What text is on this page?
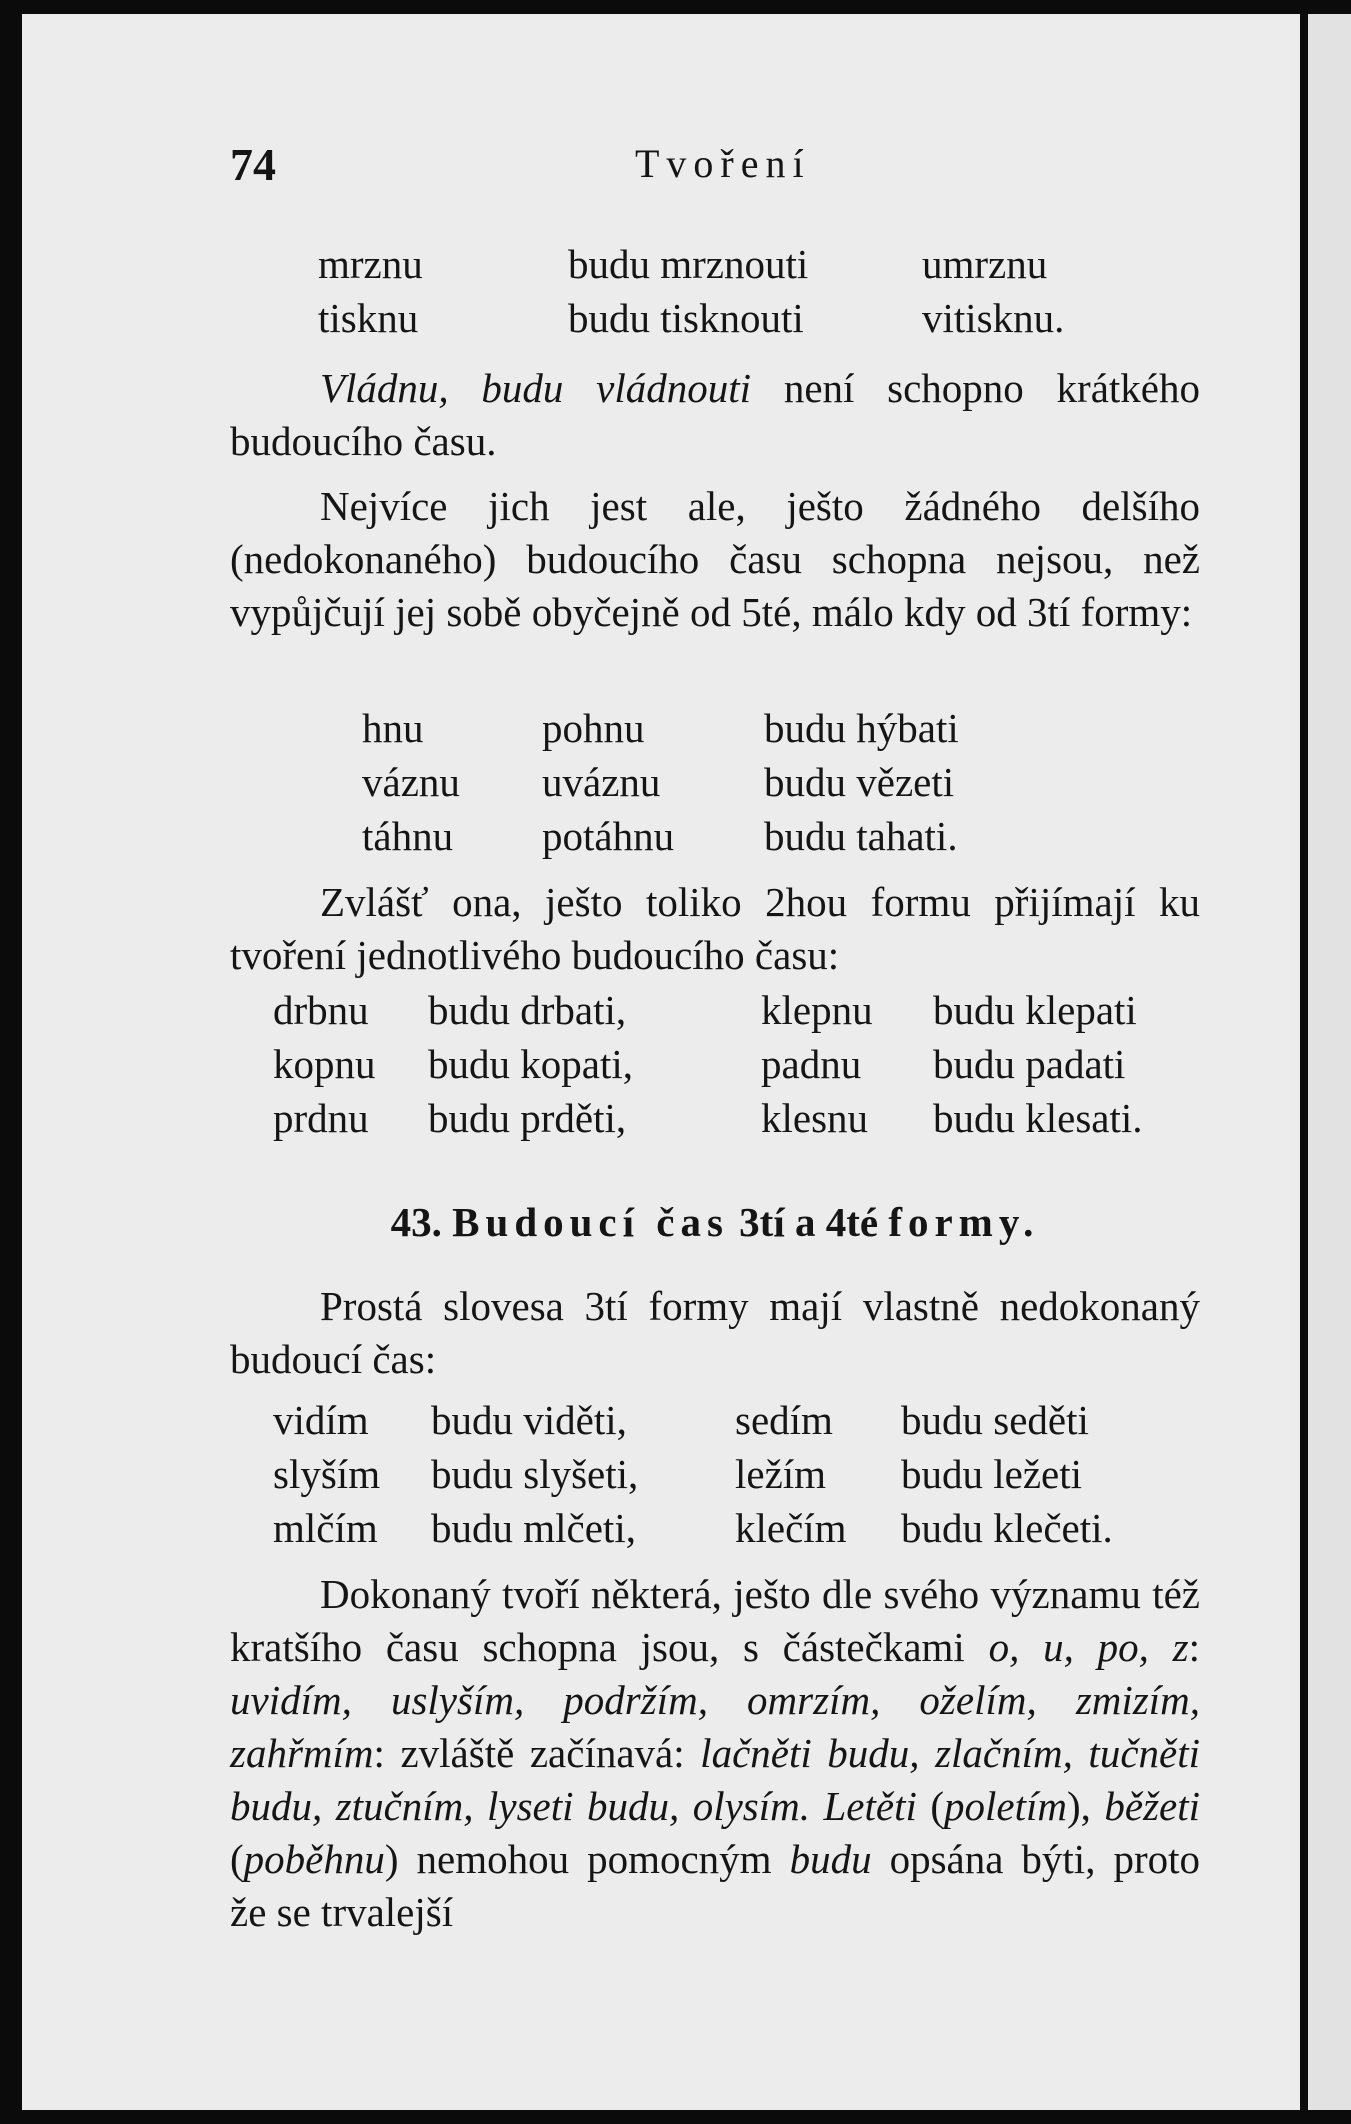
74	Tvoření
mrznu	budu mrznouti	umrznu
tisknu	budu tisknouti	vitisknu.
Vládnu, budu vládnouti není schopno krátkého budoucího času.
Nejvíce jich jest ale, ješto žádného delšího (nedokonaného) budoucího času schopna nejsou, než vypůjčují jej sobě obyčejně od 5té, málo kdy od 3tí formy:
hnu	pohnu	budu hýbati
váznu uváznu	budu vězeti
táhnu potáhnu budu tahati.
Zvlášť ona, ješto toliko 2hou formu přijímají ku tvoření jednotlivého budoucího času:
drbnu budu drbati,	klepnu budu klepati
kopnu budu kopati,	padnu budu padati
prdnu budu prděti,	klesnu budu klesati.
43. Budoucí čas 3tí a 4té formy.
Prostá slovesa 3tí formy mají vlastně nedokonaný budoucí čas:
vidím budu viděti,	sedím budu seděti
slyším budu slyšeti, ležím budu ležeti
mlčím budu mlčeti, klečím budu klečeti.
Dokonaný tvoří některá, ješto dle svého významu též kratšího času schopna jsou, s částečkami o, u, po, z: uvidím, uslyším, podržím, omrzím, oželím, zmizím, zahřmím: zvláště začínavá: lačněti budu, zlačním, tučněti budu, ztučním, lyseti budu, olysím. Letěti (poletím), běžeti (poběhnu) nemohou pomocným budu opsána býti, proto že se trvalejší
